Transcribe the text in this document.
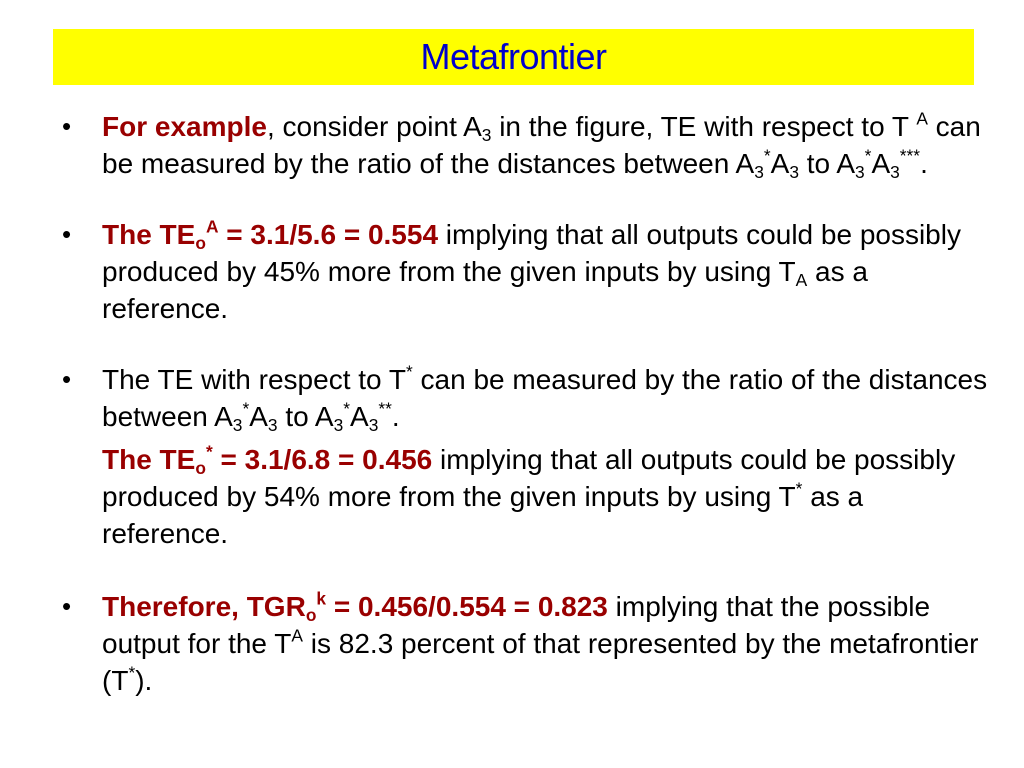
Metafrontier
• For example, consider point $A_3$ in the figure, TE with respect to T $^A$ can be measured by the ratio of the distances between $A_3^*A_3$ to $A_3^*A_3^{***}$.
• The $TE_o^A = 3.1/5.6 = 0.554$ implying that all outputs could be possibly produced by 45% more from the given inputs by using $T_A$ as a reference.
• The TE with respect to T* can be measured by the ratio of the distances between $A_3^*A_3$ to $A_3^*A_3^{**}$.
The $TE_o^* = 3.1/6.8 = 0.456$ implying that all outputs could be possibly produced by 54% more from the given inputs by using T* as a reference.
• Therefore, $TGR_o^k = 0.456/0.554 = 0.823$ implying that the possible output for the $T^A$ is 82.3 percent of that represented by the metafrontier (T*).
